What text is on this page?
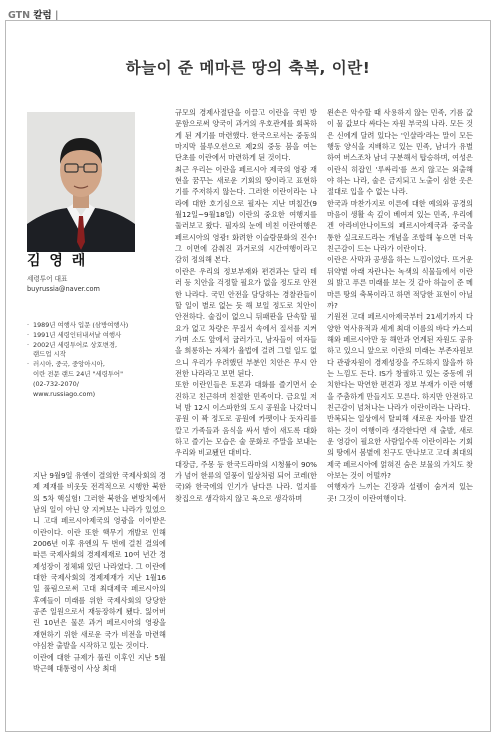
GTN 칼럼 |
하늘이 준 메마른 땅의 축복, 이란!
김 영 래
세령투어 대표
buyrussia@naver.com
· 1989년 여행사 입문 (삼방여행사)
· 1991년 세령인터내셔날 여행사
· 2002년 세령투어로 상호변경,
랜드업 시작
· 러시아, 중국, 중앙아시아,
이란 전문 랜드 24년 "세령투어"
(02-732-2070/
www.russiago.com)
지난 9월9일 유엔이 결의한 국제사회의 경제 제재를 비웃듯 전격적으로 시행한 북한의 5차 핵실험! 그러한 북한을 변방치에서 남의 일이 아닌 양 지켜보는 나라가 있었으니 고대 페르시아제국의 영광을 이어받은 이란이다. 이란 또한 핵무기 개발로 인해 2006년 이후 유엔의 두 번에 걸친 결의에 따른 국제사회의 경제제재로 10여 년간 경제성장이 정체돼 있던 나라였다. 그 이란에 대한 국제사회의 경제제재가 지난 1월16일 풀림으로써 고대 최대제국 페르시아의 후예들이 미래를 위한 국제사회의 당당한 공존 일원으로서 재등장하게 됐다. 잃어버린 10년은 물론 과거 페르시아의 영광을 재현하기 위한 새로운 국가 비전을 마련해 야심찬 출발을 시작하고 있는 것이다.
이란에 대한 규제가 풀린 이후인 지난 5월 박근혜 대통령이 사상 최대
규모의 경제사절단을 이끌고 이란을 국빈 방문함으로써 양국이 과거의 우호관계를 회복하게 된 계기를 마련했다. 한국으로서는 중동의 마지막 블루오션으로 제2의 중동 붐을 여는 단초를 이란에서 마련하게 된 것이다.
최근 우리는 이란을 페르시아 제국의 영광 재현을 꿈꾸는 새로운 기회의 땅이라고 표현하기를 주저하지 않는다. 그러한 이란이라는 나라에 대한 호기심으로 필자는 지난 며칠간(9월12일~9월18일) 이란의 중요한 여행지를 둘러보고 왔다. 필자의 눈에 비친 이란여행은 페르시아의 영광! 화려한 이슬람문화의 진수! 그 이면에 감춰진 과거로의 시간여행이라고 감히 정의해 본다.
이란은 우리의 정보부재와 편견과는 달리 테러 등 치안을 걱정할 필요가 없을 정도로 안전한 나라다. 국민 안전을 담당하는 경찰관들이 할 일이 별로 없는 듯 해 보일 정도로 치안이 안전하다. 술집이 없으니 뒤패판을 단속할 필요가 없고 차량은 무질서 속에서 질서를 지켜가며 소도 앞에서 굽러가고, 남자들이 여자들을 희롱하는 자체가 율법에 걸려 그럴 일도 없으니 우리가 우려했던 부분인 치안은 무시 안전한 나라라고 보면 된다.
또한 이란인들은 토론과 대화를 즐기면서 순진하고 친근하며 친절한 민족이다. 금요일 저녁 밤 12시 이스파한의 도시 공원을 나갔더니 공원 이 꽉 정도로 공원에 카펫이나 돗자리를 깔고 가족들과 음식을 싸서 밤이 새도록 대화하고 즐기는 모습은 술 문화로 주말을 보내는 우리와 비교됐던 대비다.
대장금, 주몽 등 한국드라마의 시청률이 90%가 넘어 한류의 열풍이 일상처럼 되어 코레(한국)와 한국에의 인기가 남다른 나라. 얼지를 찾집으로 생각하지 않고 육으로 생각하며
왼손은 악수할 때 사용하지 않는 민족, 기름 값이 물 값보다 싸다는 자원 부국의 나라. 모든 것은 신에게 달려 있다는 '인샬라'라는 말이 모든 행동 양식을 지배하고 있는 민족, 남녀가 유별하여 버스조차 남녀 구분해서 탑승하며, 여성은 이란식 히잡인 '루싸리'를 쓰지 않고는 외출해야 하는 나라, 술은 금지되고 노출이 심한 옷은 절대로 입을 수 없는 나라.
한국과 마찬가지로 이른에 대한 예의와 공경의 마음이 생활 속 깊이 베여져 있는 민족, 우리에겐 아라비안나이트의 페르시아제국과 중국을 통한 실크로드라는 개념을 조합해 놓으면 더욱 친근감이 드는 나라가 이란이다.
이란은 사막과 공생을 하는 느낌이었다. 뜨거운 뒤약볕 아래 자란나는 녹색의 식물들에서 이란의 밝고 푸른 미래를 보는 것 같아 하늘이 준 메마른 땅의 축복이라고 하면 적당한 표현이 아닐까?
기원전 고대 페르시아제국부터 21세기까지 다양한 역사유적과 세계 최대 이름의 바다 카스피해와 페르시아만 등 해안과 연계된 자원도 공유하고 있으니 앞으로 이란의 미래는 부존자원보다 관광자원이 경제성장을 주도하지 않을까 하는 느낌도 든다. IS가 창궐하고 있는 중동에 위치한다는 막연한 편견과 정보 부재가 이란 여행을 주춤하게 만들지도 모른다. 하지만 안전하고 친근감이 넘쳐나는 나라가 이란이라는 나라다.
반복되는 일상에서 탈피해 새로운 자아를 발견하는 것이 여행이라 생각한다면 새 출발, 새로운 영감이 필요한 사람일수록 이란이라는 기회의 땅에서 봄볕에 친구도 만나보고 고대 최대의 제국 페르시아에 얽혀진 숨은 보물의 가치도 찾아보는 것이 어떨까?
여행자가 느끼는 긴장과 설렘이 숨겨져 있는 곳! 그것이 이란여행이다.
